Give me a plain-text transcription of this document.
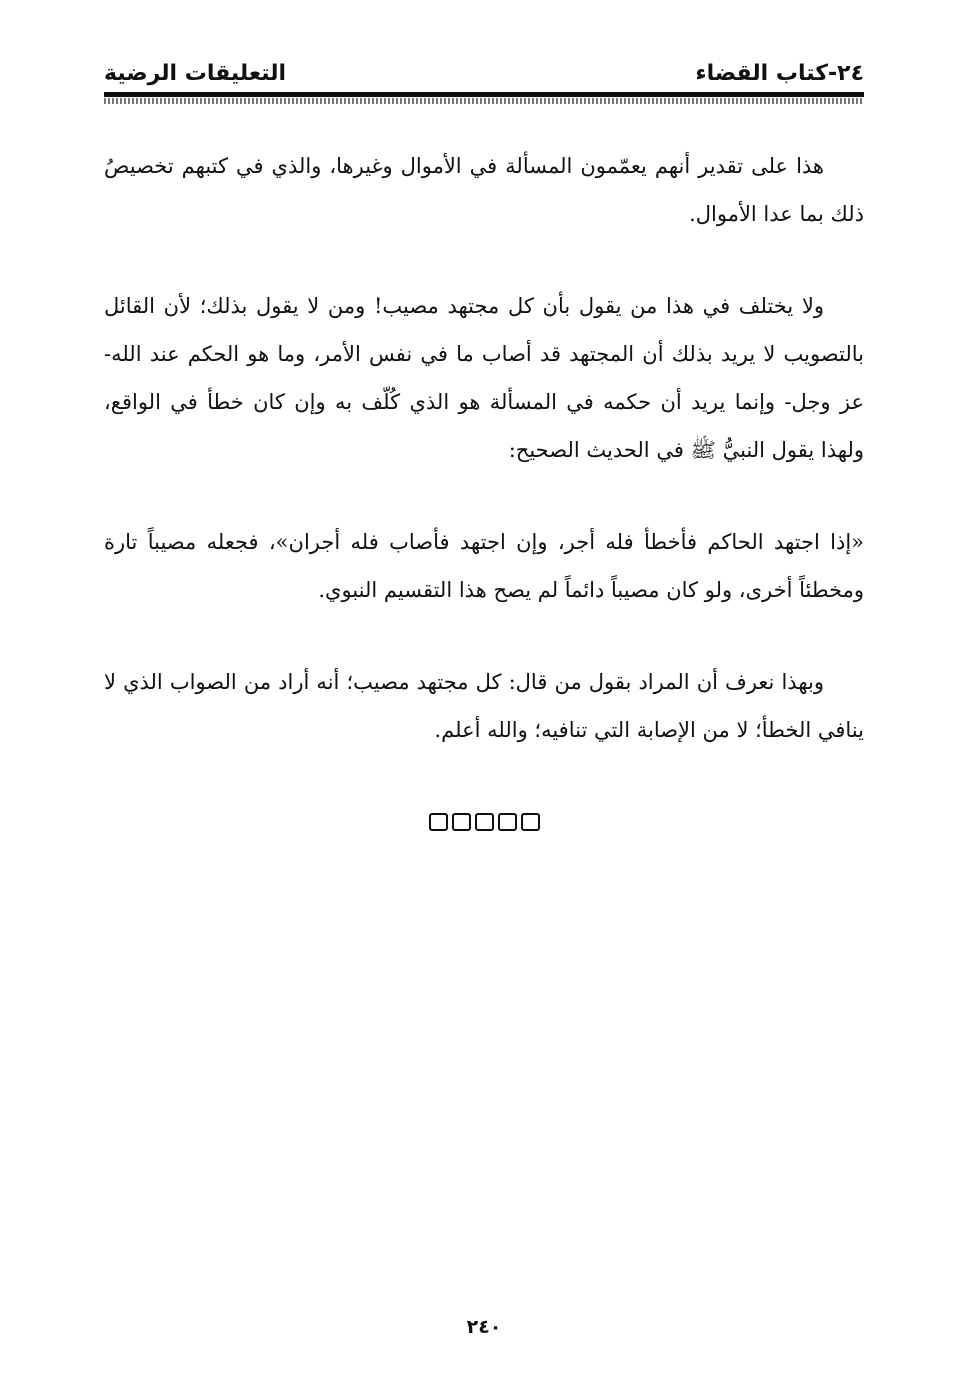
٢٤-كتاب القضاء
التعليقات الرضية

هذا على تقدير أنهم يعمّمون المسألة في الأموال وغيرها، والذي في كتبهم تخصيصُ ذلك بما عدا الأموال.

ولا يختلف في هذا من يقول بأن كل مجتهد مصيب! ومن لا يقول بذلك؛ لأن القائل بالتصويب لا يريد بذلك أن المجتهد قد أصاب ما في نفس الأمر، وما هو الحكم عند الله- عز وجل- وإنما يريد أن حكمه في المسألة هو الذي كُلّف به وإن كان خطأ في الواقع، ولهذا يقول النبيُّ ﷺ في الحديث الصحيح:

«إذا اجتهد الحاكم فأخطأ فله أجر، وإن اجتهد فأصاب فله أجران»، فجعله مصيباً تارة ومخطئاً أخرى، ولو كان مصيباً دائماً لم يصح هذا التقسيم النبوي.

وبهذا نعرف أن المراد بقول من قال: كل مجتهد مصيب؛ أنه أراد من الصواب الذي لا ينافي الخطأ؛ لا من الإصابة التي تنافيه؛ والله أعلم.

٢٤٠
